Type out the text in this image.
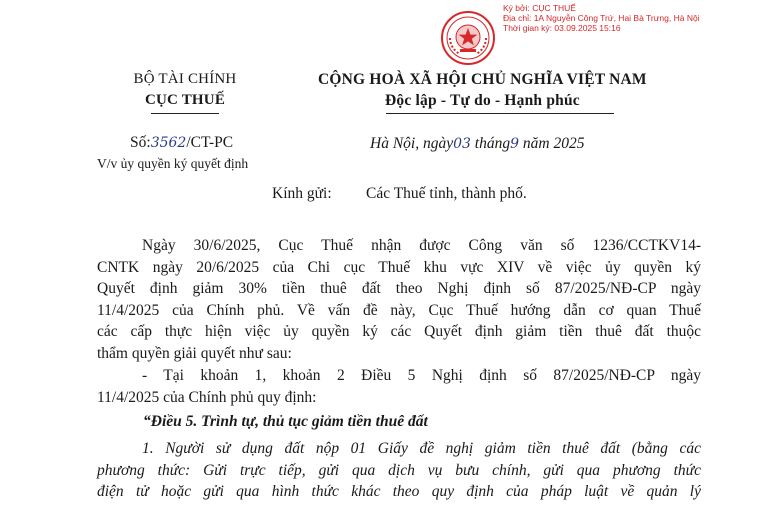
Ký bởi: CỤC THUẾ
Địa chỉ: 1A Nguyễn Công Trứ, Hai Bà Trưng, Hà Nội
Thời gian ký: 03.09.2025 15:16
BỘ TÀI CHÍNH
CỤC THUẾ
CỘNG HOÀ XÃ HỘI CHỦ NGHĨA VIỆT NAM
Độc lập - Tự do - Hạnh phúc
Số:3562/CT-PC
V/v ủy quyền ký quyết định
Hà Nội, ngày03 tháng9 năm 2025
Kính gửi: Các Thuế tỉnh, thành phố.
Ngày 30/6/2025, Cục Thuế nhận được Công văn số 1236/CCTKV14-
CNTK ngày 20/6/2025 của Chi cục Thuế khu vực XIV về việc ủy quyền ký
Quyết định giảm 30% tiền thuê đất theo Nghị định số 87/2025/NĐ-CP ngày
11/4/2025 của Chính phủ. Về vấn đề này, Cục Thuế hướng dẫn cơ quan Thuế
các cấp thực hiện việc ủy quyền ký các Quyết định giảm tiền thuê đất thuộc
thẩm quyền giải quyết như sau:
- Tại khoản 1, khoản 2 Điều 5 Nghị định số 87/2025/NĐ-CP ngày
11/4/2025 của Chính phủ quy định:
“Điều 5. Trình tự, thủ tục giảm tiền thuê đất
1. Người sử dụng đất nộp 01 Giấy đề nghị giảm tiền thuê đất (bằng các
phương thức: Gửi trực tiếp, gửi qua dịch vụ bưu chính, gửi qua phương thức
điện tử hoặc gửi qua hình thức khác theo quy định của pháp luật về quản lý
